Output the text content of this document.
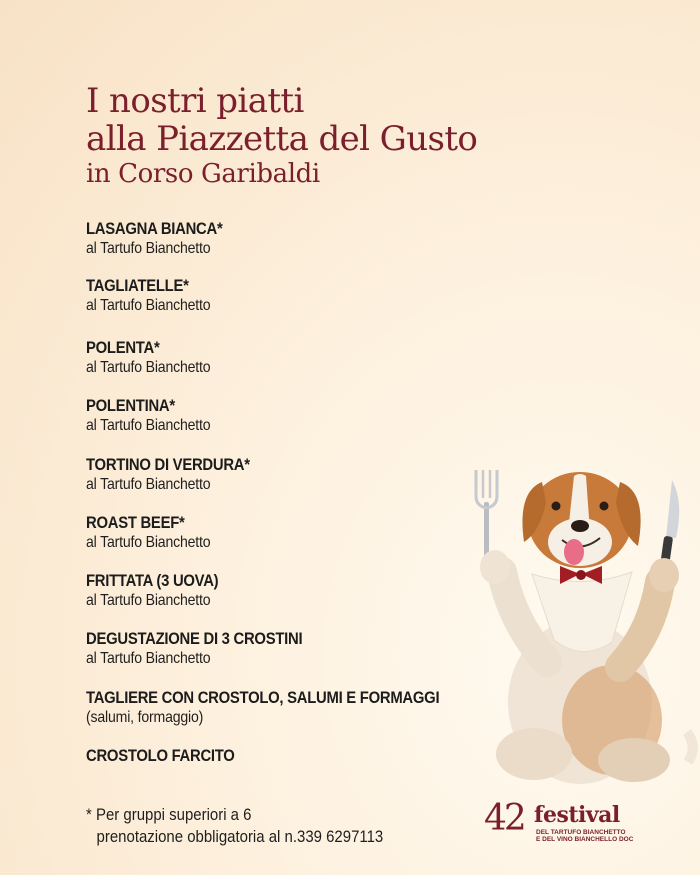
I nostri piatti
alla Piazzetta del Gusto
in Corso Garibaldi
LASAGNA BIANCA*
al Tartufo Bianchetto
TAGLIATELLE*
al Tartufo Bianchetto
POLENTA*
al Tartufo Bianchetto
POLENTINA*
al Tartufo Bianchetto
TORTINO DI VERDURA*
al Tartufo Bianchetto
ROAST BEEF*
al Tartufo Bianchetto
FRITTATA (3 UOVA)
al Tartufo Bianchetto
DEGUSTAZIONE DI 3 CROSTINI
al Tartufo Bianchetto
TAGLIERE CON CROSTOLO, SALUMI E FORMAGGI
(salumi, formaggio)
CROSTOLO FARCITO
* Per gruppi superiori a 6
prenotazione obbligatoria al n.339 6297113	42 festival
DEL TARTUFO BIANCHETTO
E DEL VINO BIANCHELLO DOC
